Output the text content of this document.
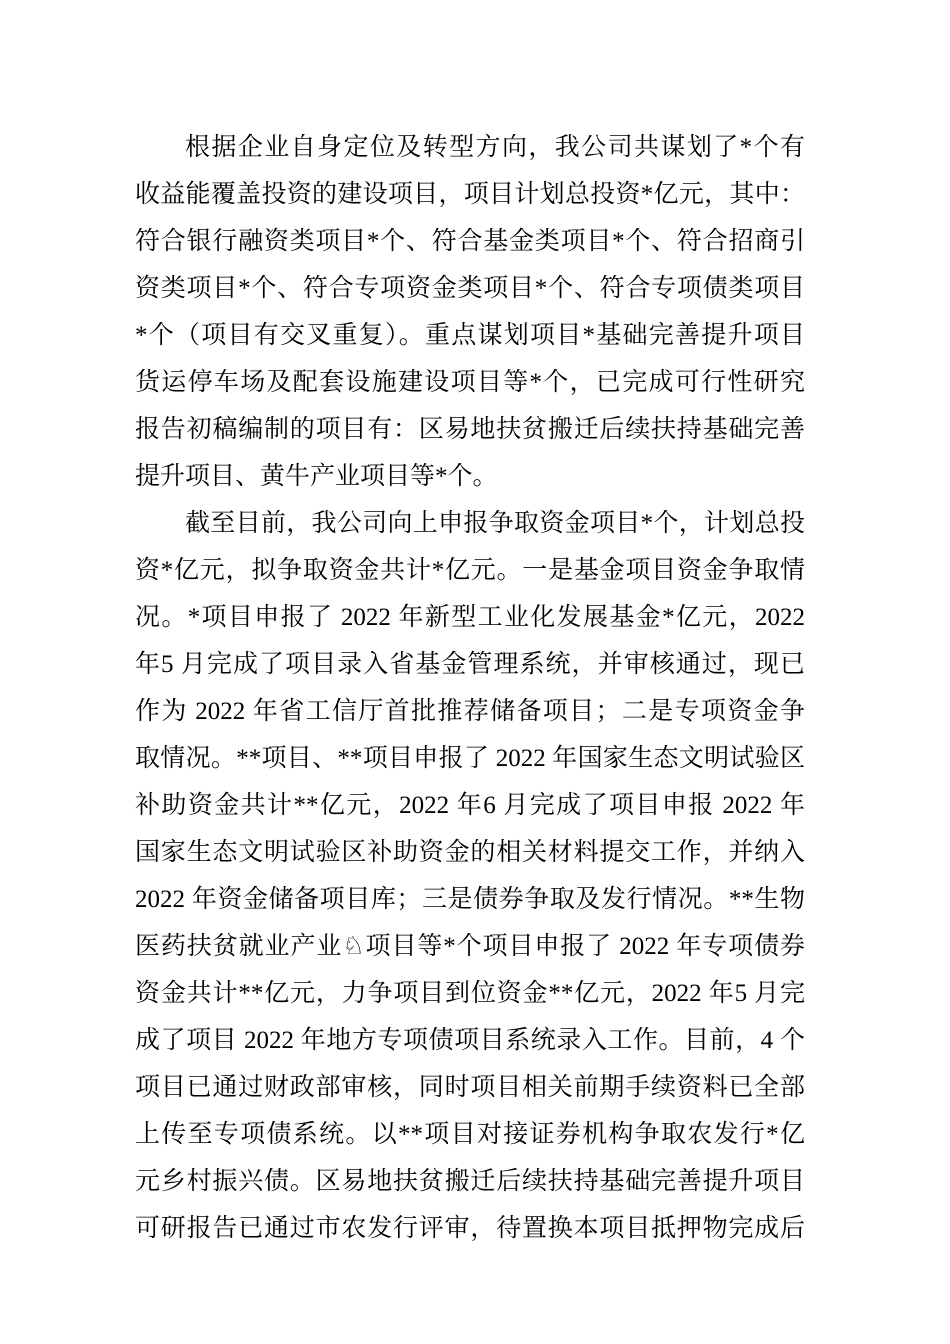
根据企业自身定位及转型方向，我公司共谋划了*个有
收益能覆盖投资的建设项目，项目计划总投资*亿元，其中：
符合银行融资类项目*个、符合基金类项目*个、符合招商引
资类项目*个、符合专项资金类项目*个、符合专项债类项目
*个（项目有交叉重复）。重点谋划项目*基础完善提升项目
货运停车场及配套设施建设项目等*个，已完成可行性研究
报告初稿编制的项目有：区易地扶贫搬迁后续扶持基础完善
提升项目、黄牛产业项目等*个。
截至目前，我公司向上申报争取资金项目*个，计划总投
资*亿元，拟争取资金共计*亿元。一是基金项目资金争取情
况。*项目申报了 2022 年新型工业化发展基金*亿元，2022
年5 月完成了项目录入省基金管理系统，并审核通过，现已
作为 2022 年省工信厅首批推荐储备项目；二是专项资金争
取情况。**项目、**项目申报了 2022 年国家生态文明试验区
补助资金共计**亿元，2022 年6 月完成了项目申报 2022 年
国家生态文明试验区补助资金的相关材料提交工作，并纳入
2022 年资金储备项目库；三是债券争取及发行情况。**生物
医药扶贫就业产业♘项目等*个项目申报了 2022 年专项债券
资金共计**亿元，力争项目到位资金**亿元，2022 年5 月完
成了项目 2022 年地方专项债项目系统录入工作。目前，4 个
项目已通过财政部审核，同时项目相关前期手续资料已全部
上传至专项债系统。以**项目对接证券机构争取农发行*亿
元乡村振兴债。区易地扶贫搬迁后续扶持基础完善提升项目
可研报告已通过市农发行评审，待置换本项目抵押物完成后
